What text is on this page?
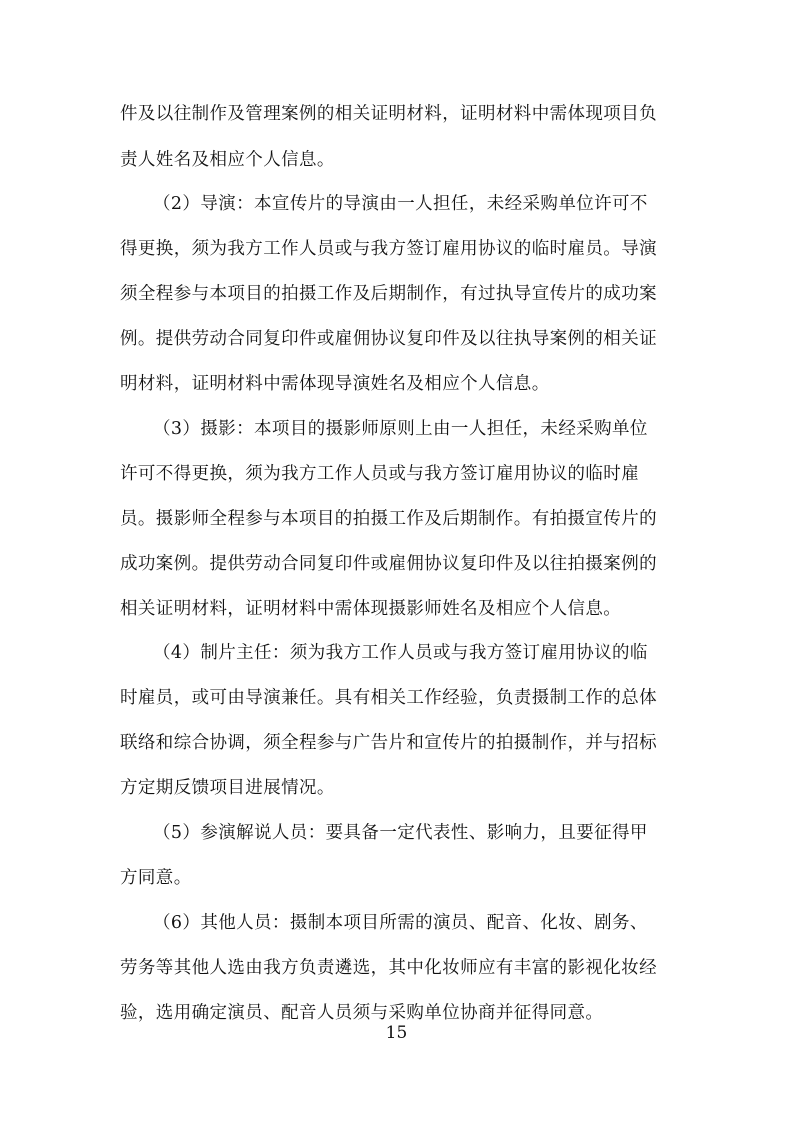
件及以往制作及管理案例的相关证明材料，证明材料中需体现项目负
责人姓名及相应个人信息。
（2）导演：本宣传片的导演由一人担任，未经采购单位许可不
得更换，须为我方工作人员或与我方签订雇用协议的临时雇员。导演
须全程参与本项目的拍摄工作及后期制作，有过执导宣传片的成功案
例。提供劳动合同复印件或雇佣协议复印件及以往执导案例的相关证
明材料，证明材料中需体现导演姓名及相应个人信息。
（3）摄影：本项目的摄影师原则上由一人担任，未经采购单位
许可不得更换，须为我方工作人员或与我方签订雇用协议的临时雇
员。摄影师全程参与本项目的拍摄工作及后期制作。有拍摄宣传片的
成功案例。提供劳动合同复印件或雇佣协议复印件及以往拍摄案例的
相关证明材料，证明材料中需体现摄影师姓名及相应个人信息。
（4）制片主任：须为我方工作人员或与我方签订雇用协议的临
时雇员，或可由导演兼任。具有相关工作经验，负责摄制工作的总体
联络和综合协调，须全程参与广告片和宣传片的拍摄制作，并与招标
方定期反馈项目进展情况。
（5）参演解说人员：要具备一定代表性、影响力，且要征得甲
方同意。
（6）其他人员：摄制本项目所需的演员、配音、化妆、剧务、
劳务等其他人选由我方负责遴选，其中化妆师应有丰富的影视化妆经
验，选用确定演员、配音人员须与采购单位协商并征得同意。
15
